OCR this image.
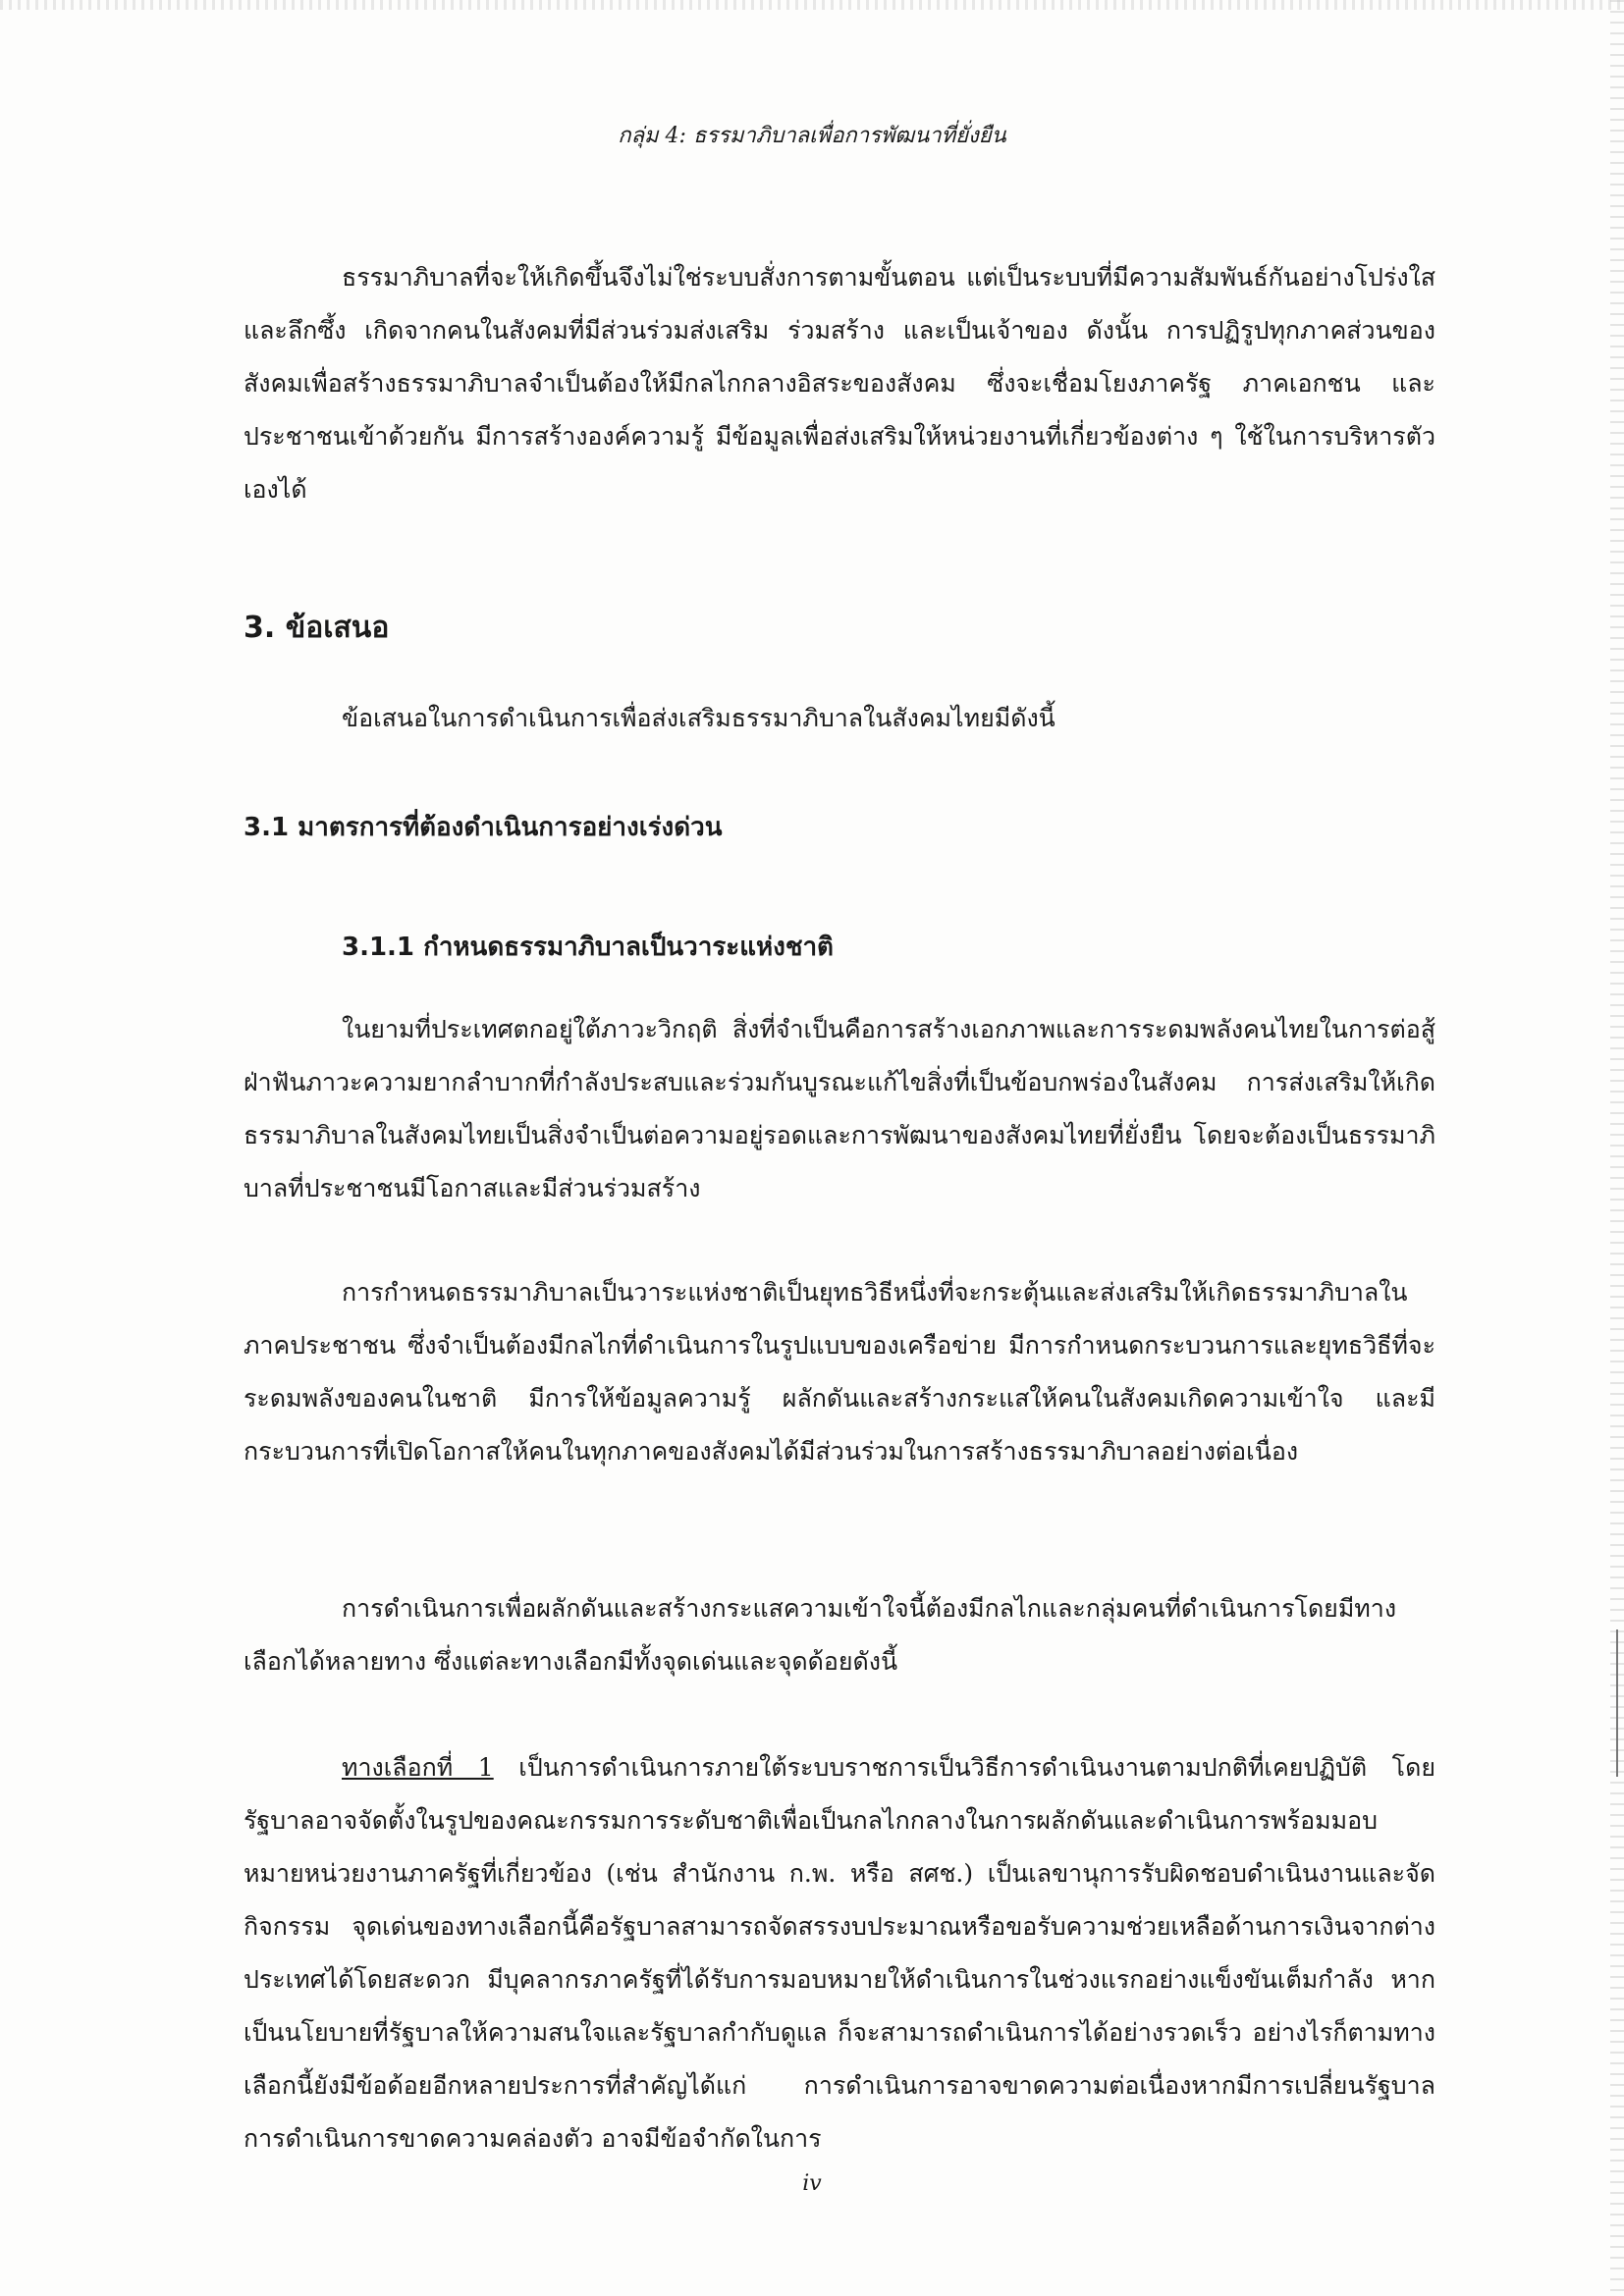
กลุ่ม 4: ธรรมาภิบาลเพื่อการพัฒนาที่ยั่งยืน

ธรรมาภิบาลที่จะให้เกิดขึ้นจึงไม่ใช่ระบบสั่งการตามขั้นตอน แต่เป็นระบบที่มีความสัมพันธ์กันอย่างโปร่งใสและลึกซึ้ง เกิดจากคนในสังคมที่มีส่วนร่วมส่งเสริม ร่วมสร้าง และเป็นเจ้าของ ดังนั้น การปฏิรูปทุกภาคส่วนของสังคมเพื่อสร้างธรรมาภิบาลจำเป็นต้องให้มีกลไกกลางอิสระของสังคม ซึ่งจะเชื่อมโยงภาครัฐ ภาคเอกชน และประชาชนเข้าด้วยกัน มีการสร้างองค์ความรู้ มีข้อมูลเพื่อส่งเสริมให้หน่วยงานที่เกี่ยวข้องต่าง ๆ ใช้ในการบริหารตัวเองได้

3. ข้อเสนอ

ข้อเสนอในการดำเนินการเพื่อส่งเสริมธรรมาภิบาลในสังคมไทยมีดังนี้

3.1 มาตรการที่ต้องดำเนินการอย่างเร่งด่วน
3.1.1 กำหนดธรรมาภิบาลเป็นวาระแห่งชาติ

ในยามที่ประเทศตกอยู่ใต้ภาวะวิกฤติ สิ่งที่จำเป็นคือการสร้างเอกภาพและการระดมพลังคนไทยในการต่อสู้ฝ่าฟันภาวะความยากลำบากที่กำลังประสบและร่วมกันบูรณะแก้ไขสิ่งที่เป็นข้อบกพร่องในสังคม การส่งเสริมให้เกิดธรรมาภิบาลในสังคมไทยเป็นสิ่งจำเป็นต่อความอยู่รอดและการพัฒนาของสังคมไทยที่ยั่งยืน โดยจะต้องเป็นธรรมาภิบาลที่ประชาชนมีโอกาสและมีส่วนร่วมสร้าง

การกำหนดธรรมาภิบาลเป็นวาระแห่งชาติเป็นยุทธวิธีหนึ่งที่จะกระตุ้นและส่งเสริมให้เกิดธรรมาภิบาลในภาคประชาชน ซึ่งจำเป็นต้องมีกลไกที่ดำเนินการในรูปแบบของเครือข่าย มีการกำหนดกระบวนการและยุทธวิธีที่จะระดมพลังของคนในชาติ มีการให้ข้อมูลความรู้ ผลักดันและสร้างกระแสให้คนในสังคมเกิดความเข้าใจ และมีกระบวนการที่เปิดโอกาสให้คนในทุกภาคของสังคมได้มีส่วนร่วมในการสร้างธรรมาภิบาลอย่างต่อเนื่อง

การดำเนินการเพื่อผลักดันและสร้างกระแสความเข้าใจนี้ต้องมีกลไกและกลุ่มคนที่ดำเนินการโดยมีทางเลือกได้หลายทาง ซึ่งแต่ละทางเลือกมีทั้งจุดเด่นและจุดด้อยดังนี้

ทางเลือกที่ 1 เป็นการดำเนินการภายใต้ระบบราชการเป็นวิธีการดำเนินงานตามปกติที่เคยปฏิบัติ โดยรัฐบาลอาจจัดตั้งในรูปของคณะกรรมการระดับชาติเพื่อเป็นกลไกกลางในการผลักดันและดำเนินการพร้อมมอบหมายหน่วยงานภาครัฐที่เกี่ยวข้อง (เช่น สำนักงาน ก.พ. หรือ สศช.) เป็นเลขานุการรับผิดชอบดำเนินงานและจัดกิจกรรม จุดเด่นของทางเลือกนี้คือรัฐบาลสามารถจัดสรรงบประมาณหรือขอรับความช่วยเหลือด้านการเงินจากต่างประเทศได้โดยสะดวก มีบุคลากรภาครัฐที่ได้รับการมอบหมายให้ดำเนินการในช่วงแรกอย่างแข็งขันเต็มกำลัง หากเป็นนโยบายที่รัฐบาลให้ความสนใจและรัฐบาลกำกับดูแล ก็จะสามารถดำเนินการได้อย่างรวดเร็ว อย่างไรก็ตามทางเลือกนี้ยังมีข้อด้อยอีกหลายประการที่สำคัญได้แก่ การดำเนินการอาจขาดความต่อเนื่องหากมีการเปลี่ยนรัฐบาล การดำเนินการขาดความคล่องตัว อาจมีข้อจำกัดในการ

iv
